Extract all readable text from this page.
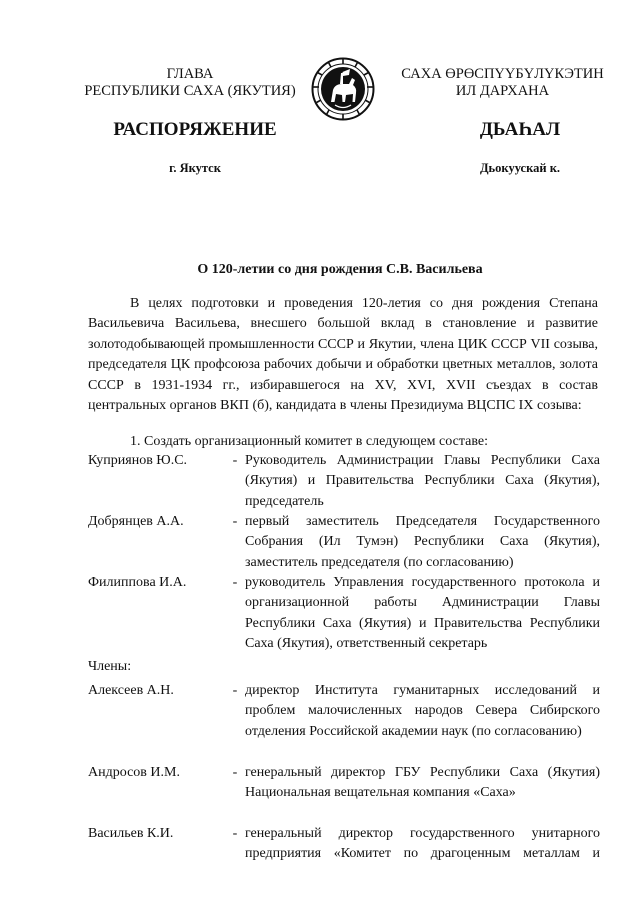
ГЛАВА
РЕСПУБЛИКИ САХА (ЯКУТИЯ)
САХА ӨРӨСПҮҮБҮЛҮКЭТИН
ИЛ ДАРХАНА
РАСПОРЯЖЕНИЕ	ДЬАҺАЛ
г. Якутск	Дьокуускай к.
О 120-летии со дня рождения С.В. Васильева
В целях подготовки и проведения 120-летия со дня рождения Степана Васильевича Васильева, внесшего большой вклад в становление и развитие золотодобывающей промышленности СССР и Якутии, члена ЦИК СССР VII созыва, председателя ЦК профсоюза рабочих добычи и обработки цветных металлов, золота СССР в 1931-1934 гг., избиравшегося на XV, XVI, XVII съездах в состав центральных органов ВКП (б), кандидата в члены Президиума ВЦСПС IX созыва:
1. Создать организационный комитет в следующем составе:
Куприянов Ю.С.	- Руководитель Администрации Главы Республики Саха (Якутия) и Правительства Республики Саха (Якутия), председатель
Добрянцев А.А.	- первый заместитель Председателя Государственного Собрания (Ил Тумэн) Республики Саха (Якутия), заместитель председателя (по согласованию)
Филиппова И.А.	- руководитель Управления государственного протокола и организационной работы Администрации Главы Республики Саха (Якутия) и Правительства Республики Саха (Якутия), ответственный секретарь
Члены:
Алексеев А.Н.	- директор Института гуманитарных исследований и проблем малочисленных народов Севера Сибирского отделения Российской академии наук (по согласованию)
Андросов И.М.	- генеральный директор ГБУ Республики Саха (Якутия) Национальная вещательная компания «Саха»
Васильев К.И.	- генеральный директор государственного унитарного предприятия «Комитет по драгоценным металлам и
